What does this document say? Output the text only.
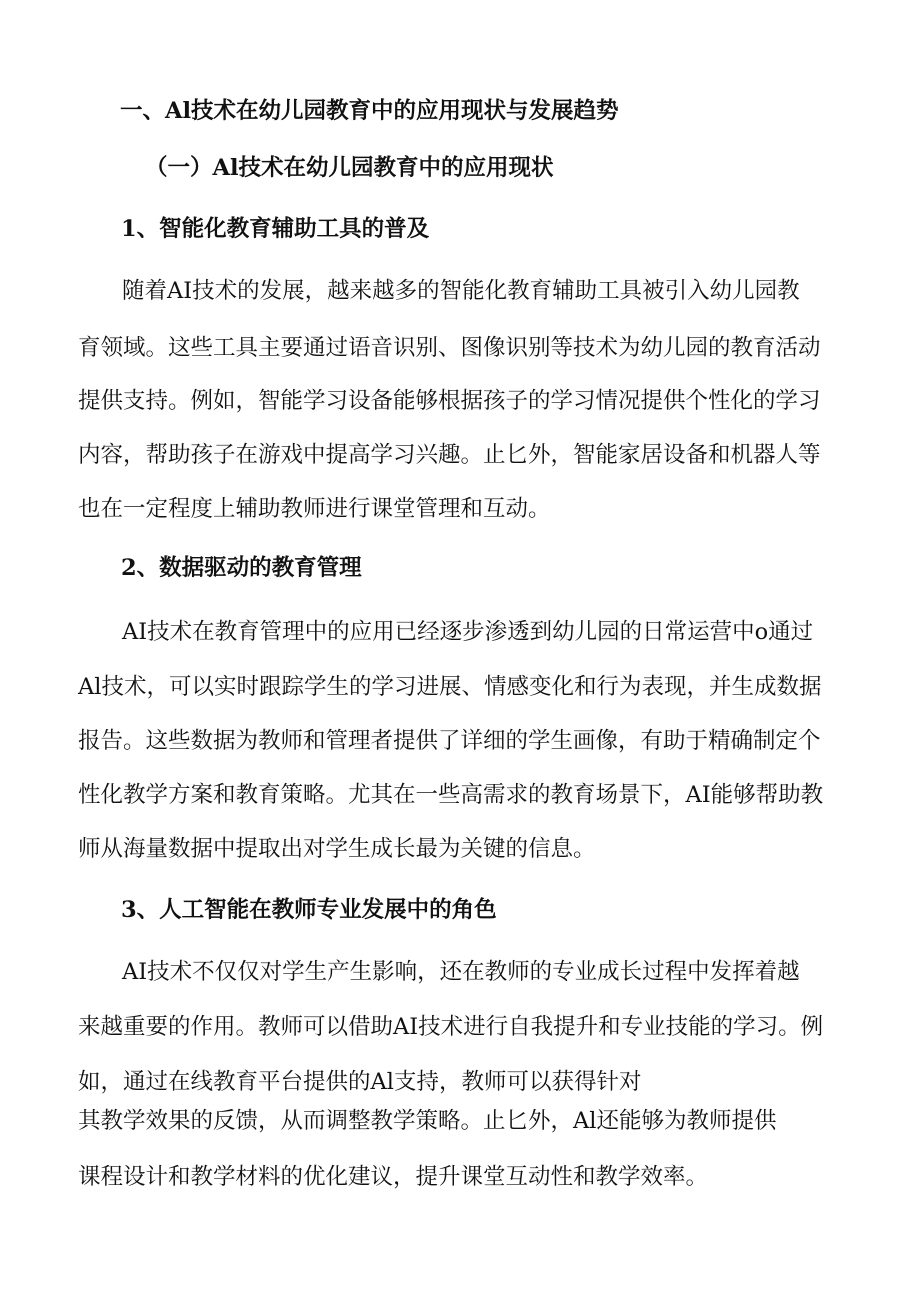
一、Al技术在幼儿园教育中的应用现状与发展趋势
（一）Al技术在幼儿园教育中的应用现状
1、智能化教育辅助工具的普及

随着AI技术的发展，越来越多的智能化教育辅助工具被引入幼儿园教

育领域。这些工具主要通过语音识别、图像识别等技术为幼儿园的教育活动

提供支持。例如，智能学习设备能够根据孩子的学习情况提供个性化的学习

内容，帮助孩子在游戏中提高学习兴趣。止匕外，智能家居设备和机器人等

也在一定程度上辅助教师进行课堂管理和互动。

2、数据驱动的教育管理

AI技术在教育管理中的应用已经逐步渗透到幼儿园的日常运营中o通过

Al技术，可以实时跟踪学生的学习进展、情感变化和行为表现，并生成数据

报告。这些数据为教师和管理者提供了详细的学生画像，有助于精确制定个

性化教学方案和教育策略。尤其在一些高需求的教育场景下，AI能够帮助教

师从海量数据中提取出对学生成长最为关键的信息。

3、人工智能在教师专业发展中的角色

AI技术不仅仅对学生产生影响，还在教师的专业成长过程中发挥着越

来越重要的作用。教师可以借助AI技术进行自我提升和专业技能的学习。例

如，通过在线教育平台提供的Al支持，教师可以获得针对

其教学效果的反馈，从而调整教学策略。止匕外，Al还能够为教师提供

课程设计和教学材料的优化建议，提升课堂互动性和教学效率。
